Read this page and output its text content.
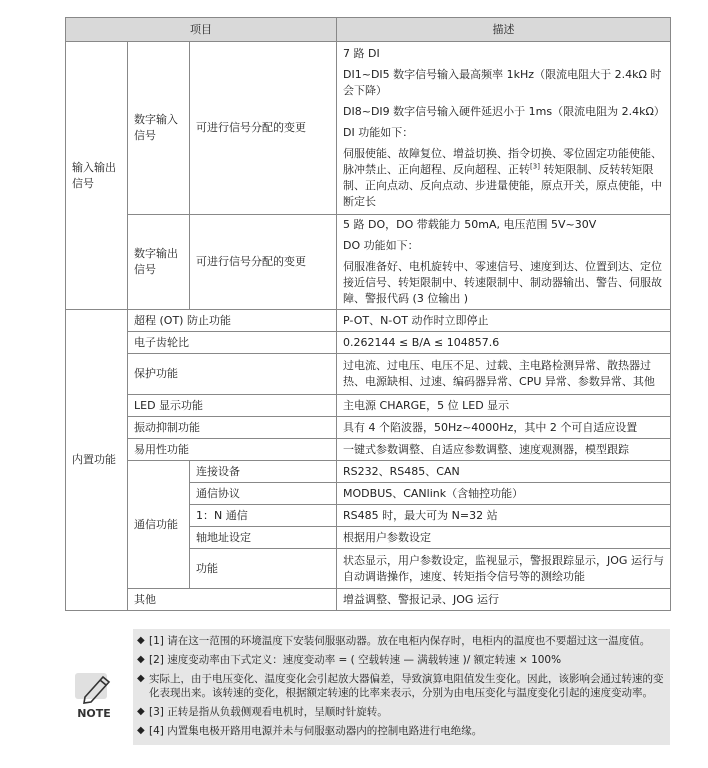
项目			描述
输入输出信号	数字输入信号	可进行信号分配的变更	7 路 DI

DI1~DI5 数字信号输入最高频率 1kHz（限流电阻大于 2.4kΩ 时会下降）

DI8~DI9 数字信号输入硬件延迟小于 1ms（限流电阻为 2.4kΩ）

DI 功能如下：

伺服使能、故障复位、增益切换、指令切换、零位固定功能使能、脉冲禁止、正向超程、反向超程、正转[3] 转矩限制、反转转矩限制、正向点动、反向点动、步进量使能，原点开关，原点使能，中断定长

	数字输出信号	可进行信号分配的变更	5 路 DO，DO 带载能力 50mA, 电压范围 5V~30V

DO 功能如下：

伺服准备好、电机旋转中、零速信号、速度到达、位置到达、定位接近信号、转矩限制中、转速限制中、制动器输出、警告、伺服故障、警报代码 (3 位输出 )

内置功能	超程 (OT) 防止功能		P-OT、N-OT 动作时立即停止
	电子齿轮比		0.262144 ≤ B/A ≤ 104857.6
	保护功能		过电流、过电压、电压不足、过载、主电路检测异常、散热器过热、电源缺相、过速、编码器异常、CPU 异常、参数异常、其他
	LED 显示功能		主电源 CHARGE，5 位 LED 显示
	振动抑制功能		具有 4 个陷波器，50Hz~4000Hz，其中 2 个可自适应设置
	易用性功能		一键式参数调整、自适应参数调整、速度观测器，模型跟踪
	通信功能	连接设备	RS232、RS485、CAN
		通信协议	MODBUS、CANlink（含轴控功能）
		1：N 通信	RS485 时，最大可为 N=32 站
		轴地址设定	根据用户参数设定
		功能	状态显示，用户参数设定，监视显示，警报跟踪显示，JOG 运行与自动调谐操作，速度、转矩指令信号等的测绘功能
	其他		增益调整、警报记录、JOG 运行
NOTE
◆ [1] 请在这一范围的环境温度下安装伺服驱动器。放在电柜内保存时，电柜内的温度也不要超过这一温度值。
◆ [2] 速度变动率由下式定义：速度变动率 = ( 空载转速 — 满载转速 )/ 额定转速 × 100%
◆ 实际上，由于电压变化、温度变化会引起放大器偏差，导致演算电阻值发生变化。因此，该影响会通过转速的变化表现出来。该转速的变化，根据额定转速的比率来表示，分别为由电压变化与温度变化引起的速度变动率。
◆ [3] 正转是指从负载侧观看电机时，呈顺时针旋转。
◆ [4] 内置集电极开路用电源并未与伺服驱动器内的控制电路进行电绝缘。
